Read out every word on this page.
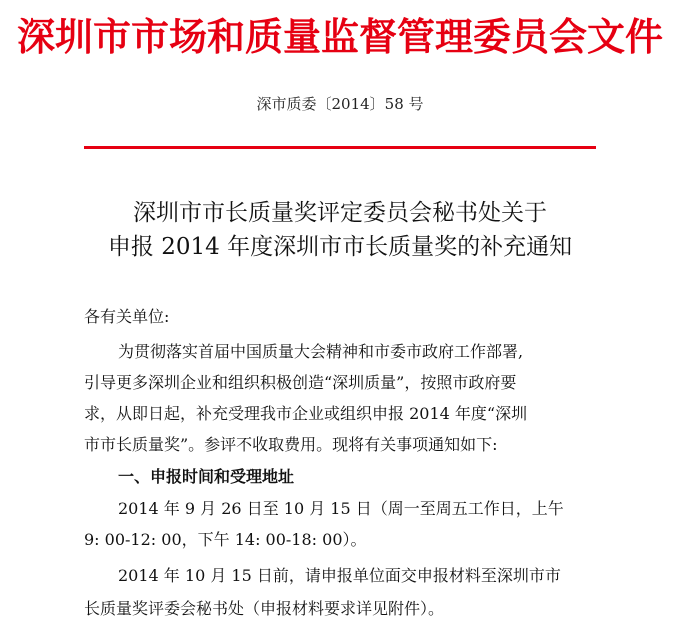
深圳市市场和质量监督管理委员会文件
深市质委〔2014〕58 号
深圳市市长质量奖评定委员会秘书处关于
申报 2014 年度深圳市市长质量奖的补充通知
各有关单位:
为贯彻落实首届中国质量大会精神和市委市政府工作部署,
引导更多深圳企业和组织积极创造“深圳质量”，按照市政府要
求，从即日起，补充受理我市企业或组织申报 2014 年度“深圳
市市长质量奖”。参评不收取费用。现将有关事项通知如下:
一、申报时间和受理地址
2014 年 9 月 26 日至 10 月 15 日（周一至周五工作日，上午
9: 00-12: 00，下午 14: 00-18: 00）。
2014 年 10 月 15 日前，请申报单位面交申报材料至深圳市市
长质量奖评委会秘书处（申报材料要求详见附件）。
